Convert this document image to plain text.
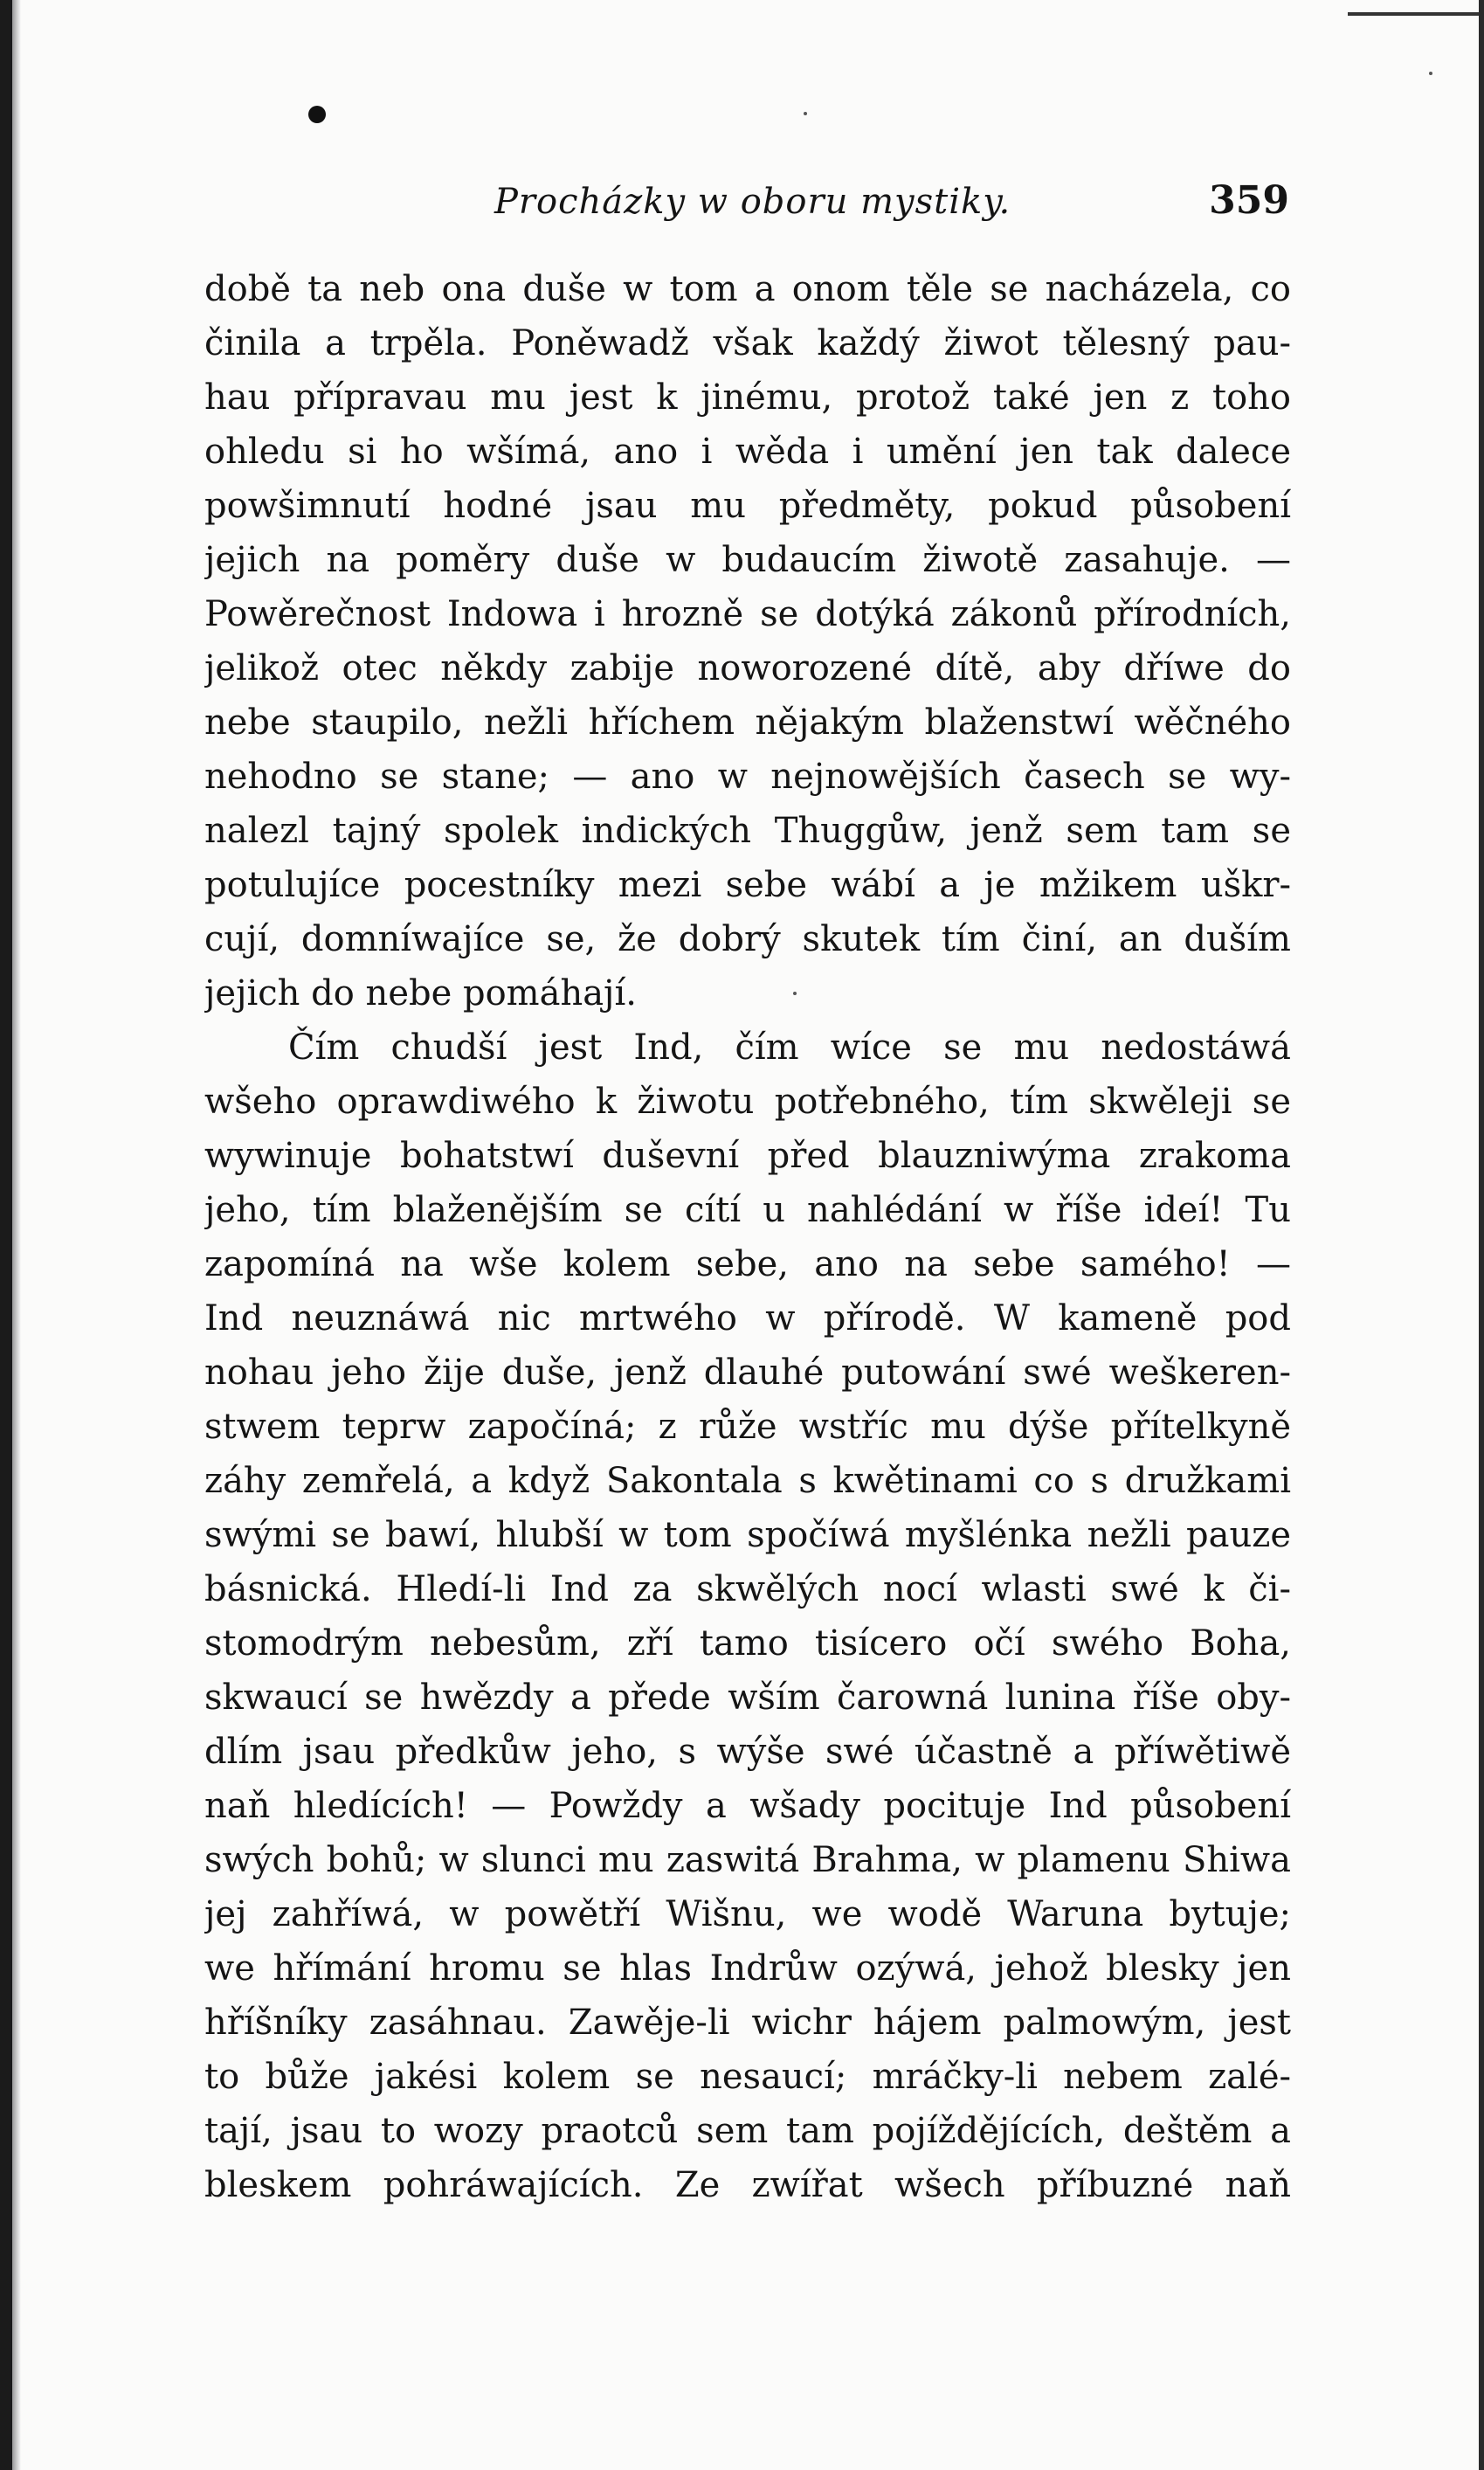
Procházky w oboru mystiky.	359
době ta neb ona duše w tom a onom těle se nacházela, co
činila a trpěla. Poněwadž však každý žiwot tělesný pau-
hau přípravau mu jest k jinému, protož také jen z toho
ohledu si ho wšímá, ano i wěda i umění jen tak dalece
powšimnutí hodné jsau mu předměty, pokud působení
jejich na poměry duše w budaucím žiwotě zasahuje. —
Powěrečnost Indowa i hrozně se dotýká zákonů přírodních,
jelikož otec někdy zabije noworozené dítě, aby dříwe do
nebe staupilo, nežli hříchem nějakým blaženstwí wěčného
nehodno se stane; — ano w nejnowějších časech se wy-
nalezl tajný spolek indických Thuggůw, jenž sem tam se
potulujíce pocestníky mezi sebe wábí a je mžikem uškr-
cují, domníwajíce se, že dobrý skutek tím činí, an duším
jejich do nebe pomáhají.
Čím chudší jest Ind, čím wíce se mu nedostáwá
wšeho oprawdiwého k žiwotu potřebného, tím skwěleji se
wywinuje bohatstwí duševní před blauzniwýma zrakoma
jeho, tím blaženějším se cítí u nahlédání w říše ideí! Tu
zapomíná na wše kolem sebe, ano na sebe samého! —
Ind neuznáwá nic mrtwého w přírodě. W kameně pod
nohau jeho žije duše, jenž dlauhé putowání swé weškeren-
stwem teprw započíná; z růže wstříc mu dýše přítelkyně
záhy zemřelá, a když Sakontala s kwětinami co s družkami
swými se bawí, hlubší w tom spočíwá myšlénka nežli pauze
básnická. Hledí-li Ind za skwělých nocí wlasti swé k či-
stomodrým nebesům, zří tamo tisícero očí swého Boha,
skwaucí se hwězdy a přede wším čarowná lunina říše oby-
dlím jsau předkůw jeho, s wýše swé účastně a příwětiwě
naň hledících! — Powždy a wšady pocituje Ind působení
swých bohů; w slunci mu zaswitá Brahma, w plamenu Shiwa
jej zahříwá, w powětří Wišnu, we wodě Waruna bytuje;
we hřímání hromu se hlas Indrůw ozýwá, jehož blesky jen
hříšníky zasáhnau. Zawěje-li wichr hájem palmowým, jest
to bůže jakési kolem se nesaucí; mráčky-li nebem zalé-
tají, jsau to wozy praotců sem tam pojíždějících, deštěm a
bleskem pohráwajících. Ze zwířat wšech příbuzné naň
